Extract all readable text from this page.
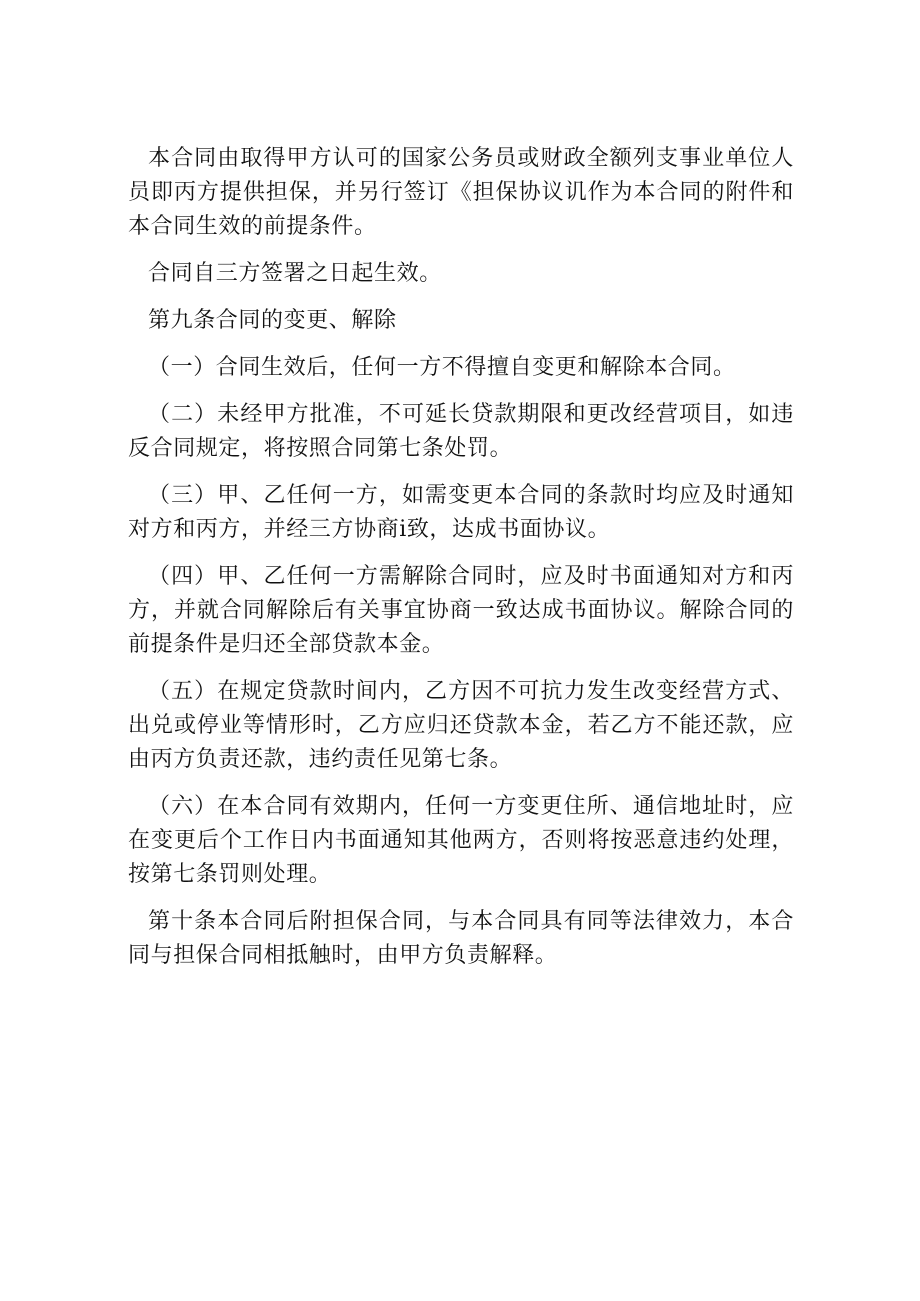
本合同由取得甲方认可的国家公务员或财政全额列支事业单位人员即丙方提供担保，并另行签订《担保协议讥作为本合同的附件和本合同生效的前提条件。

合同自三方签署之日起生效。

第九条合同的变更、解除

（一）合同生效后，任何一方不得擅自变更和解除本合同。

（二）未经甲方批准，不可延长贷款期限和更改经营项目，如违反合同规定，将按照合同第七条处罚。

（三）甲、乙任何一方，如需变更本合同的条款时均应及时通知对方和丙方，并经三方协商i致，达成书面协议。

（四）甲、乙任何一方需解除合同时，应及时书面通知对方和丙方，并就合同解除后有关事宜协商一致达成书面协议。解除合同的前提条件是归还全部贷款本金。

（五）在规定贷款时间内，乙方因不可抗力发生改变经营方式、出兑或停业等情形时，乙方应归还贷款本金，若乙方不能还款，应由丙方负责还款，违约责任见第七条。

（六）在本合同有效期内，任何一方变更住所、通信地址时，应在变更后个工作日内书面通知其他两方，否则将按恶意违约处理，按第七条罚则处理。

第十条本合同后附担保合同，与本合同具有同等法律效力，本合同与担保合同相抵触时，由甲方负责解释。
